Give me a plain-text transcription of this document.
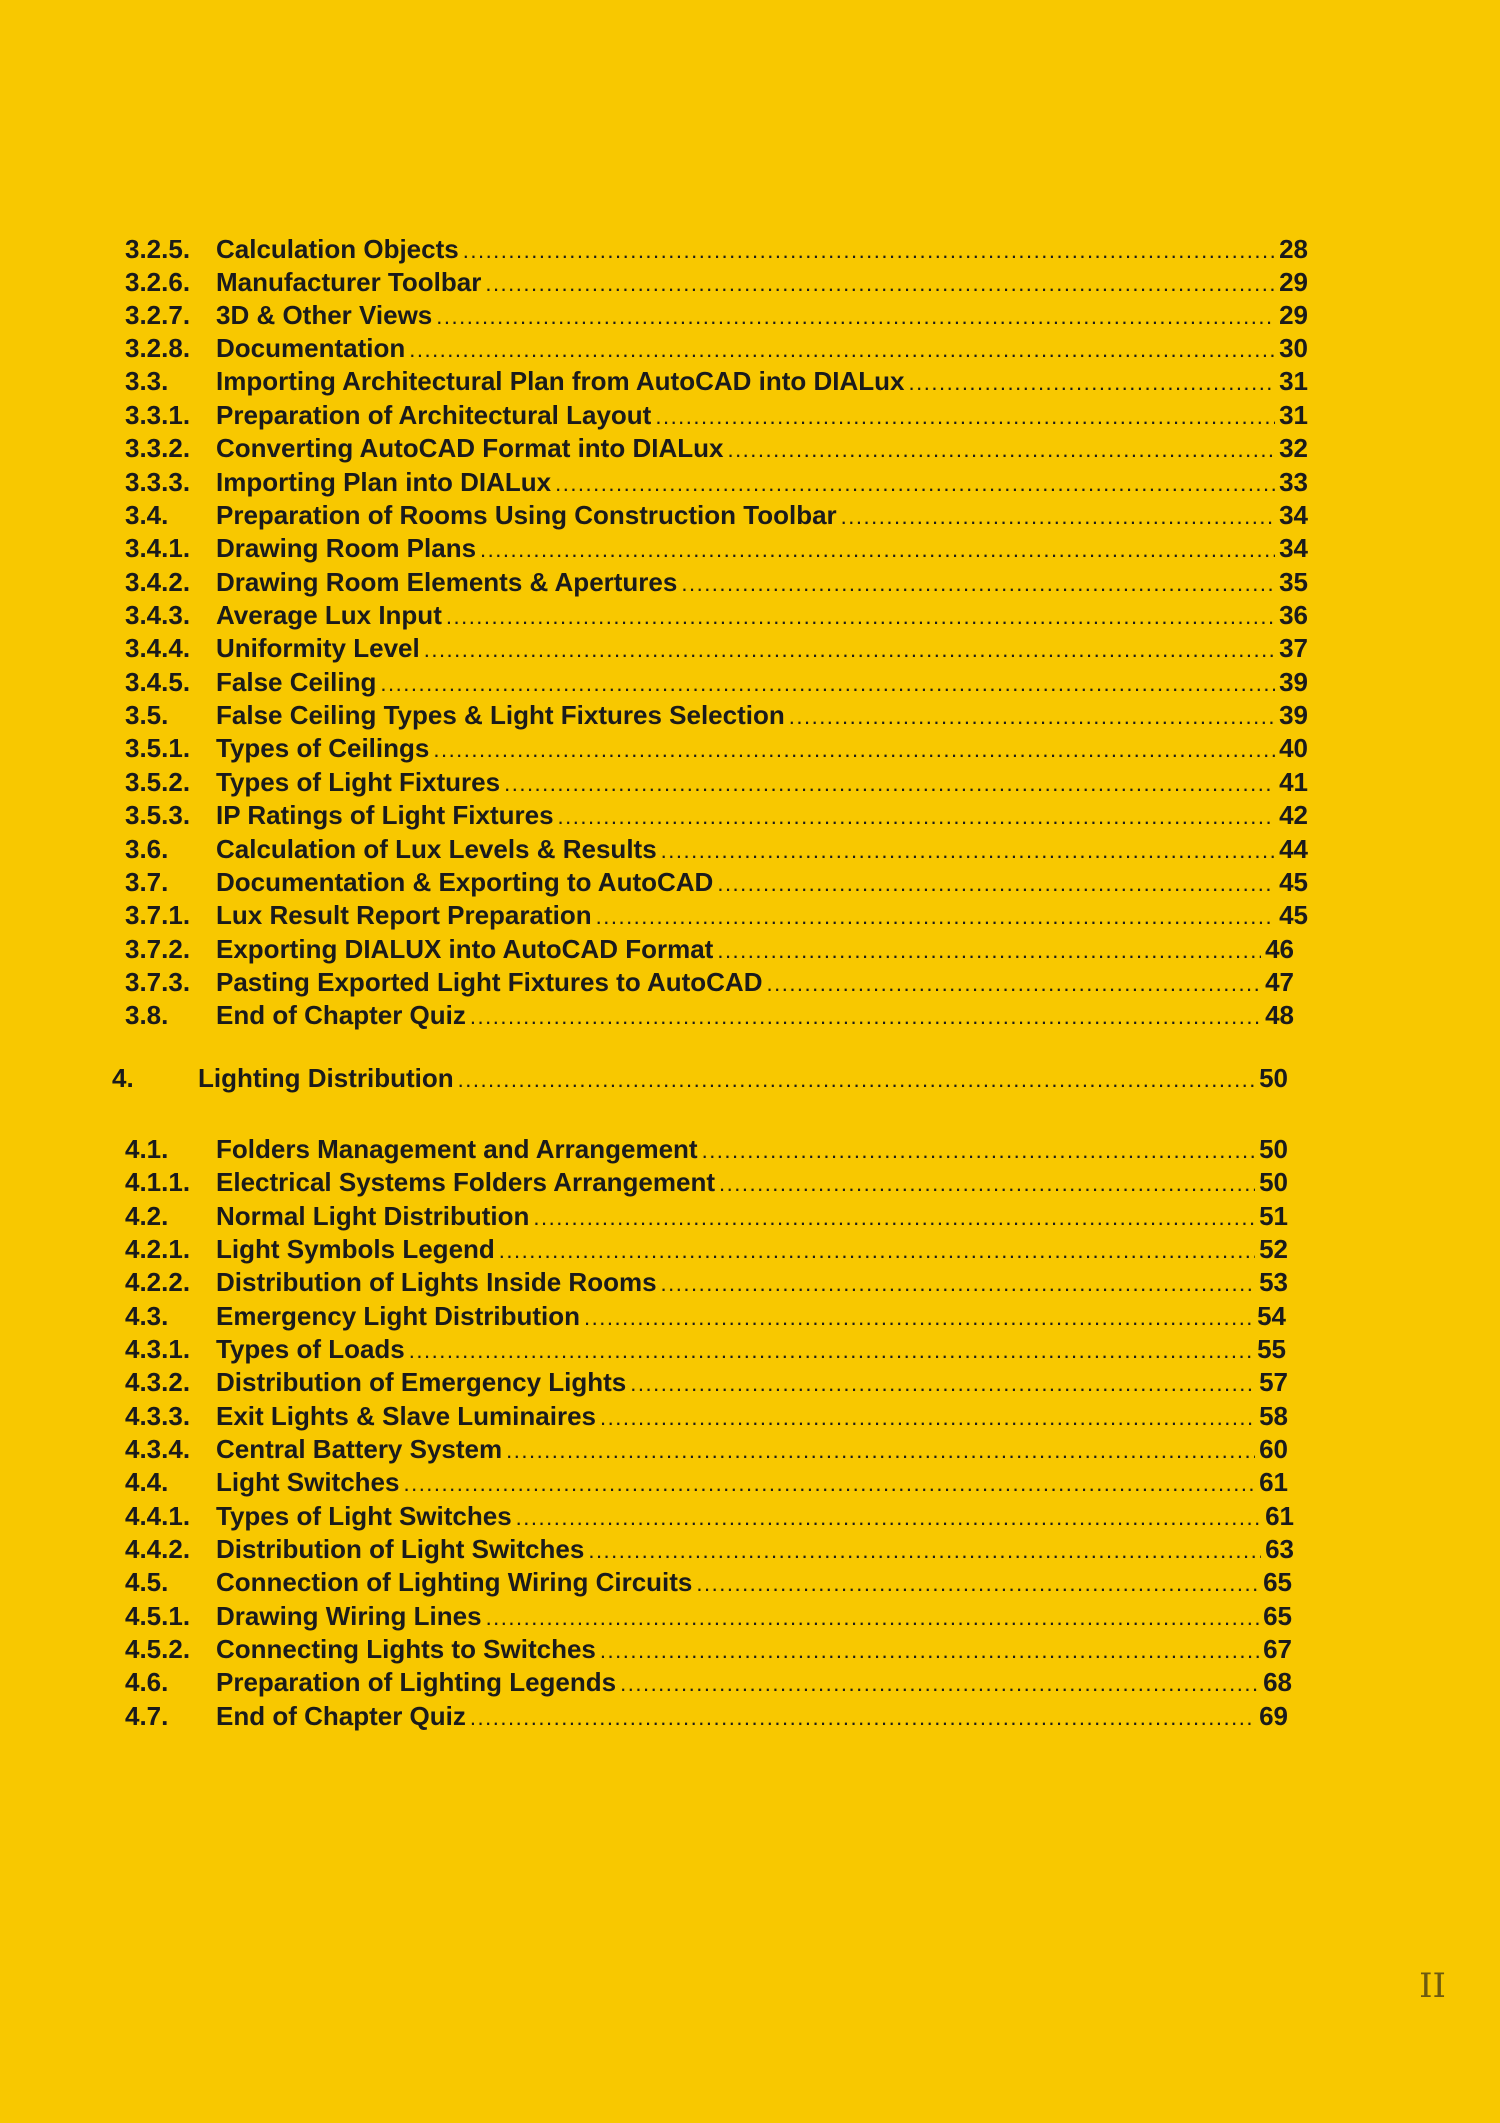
3.2.5. Calculation Objects .....	28
3.2.6. Manufacturer Toolbar .....	29
3.2.7. 3D & Other Views .....	29
3.2.8. Documentation .....	30
3.3. Importing Architectural Plan from AutoCAD into DIALux .....	31
3.3.1. Preparation of Architectural Layout .....	31
3.3.2. Converting AutoCAD Format into DIALux .....	32
3.3.3. Importing Plan into DIALux .....	33
3.4. Preparation of Rooms Using Construction Toolbar .....	34
3.4.1. Drawing Room Plans .....	34
3.4.2. Drawing Room Elements & Apertures .....	35
3.4.3. Average Lux Input .....	36
3.4.4. Uniformity Level .....	37
3.4.5. False Ceiling .....	39
3.5. False Ceiling Types & Light Fixtures Selection .....	39
3.5.1. Types of Ceilings .....	40
3.5.2. Types of Light Fixtures .....	41
3.5.3. IP Ratings of Light Fixtures .....	42
3.6. Calculation of Lux Levels & Results .....	44
3.7. Documentation & Exporting to AutoCAD .....	45
3.7.1. Lux Result Report Preparation .....	45
3.7.2. Exporting DIALUX into AutoCAD Format .....	46
3.7.3. Pasting Exported Light Fixtures to AutoCAD .....	47
3.8. End of Chapter Quiz .....	48
4. Lighting Distribution .....	50
4.1. Folders Management and Arrangement .....	50
4.1.1. Electrical Systems Folders Arrangement .....	50
4.2. Normal Light Distribution .....	51
4.2.1. Light Symbols Legend .....	52
4.2.2. Distribution of Lights Inside Rooms .....	53
4.3. Emergency Light Distribution .....	54
4.3.1. Types of Loads .....	55
4.3.2. Distribution of Emergency Lights .....	57
4.3.3. Exit Lights & Slave Luminaires .....	58
4.3.4. Central Battery System .....	60
4.4. Light Switches .....	61
4.4.1. Types of Light Switches .....	61
4.4.2. Distribution of Light Switches .....	63
4.5. Connection of Lighting Wiring Circuits .....	65
4.5.1. Drawing Wiring Lines .....	65
4.5.2. Connecting Lights to Switches .....	67
4.6. Preparation of Lighting Legends .....	68
4.7. End of Chapter Quiz .....	69
II
